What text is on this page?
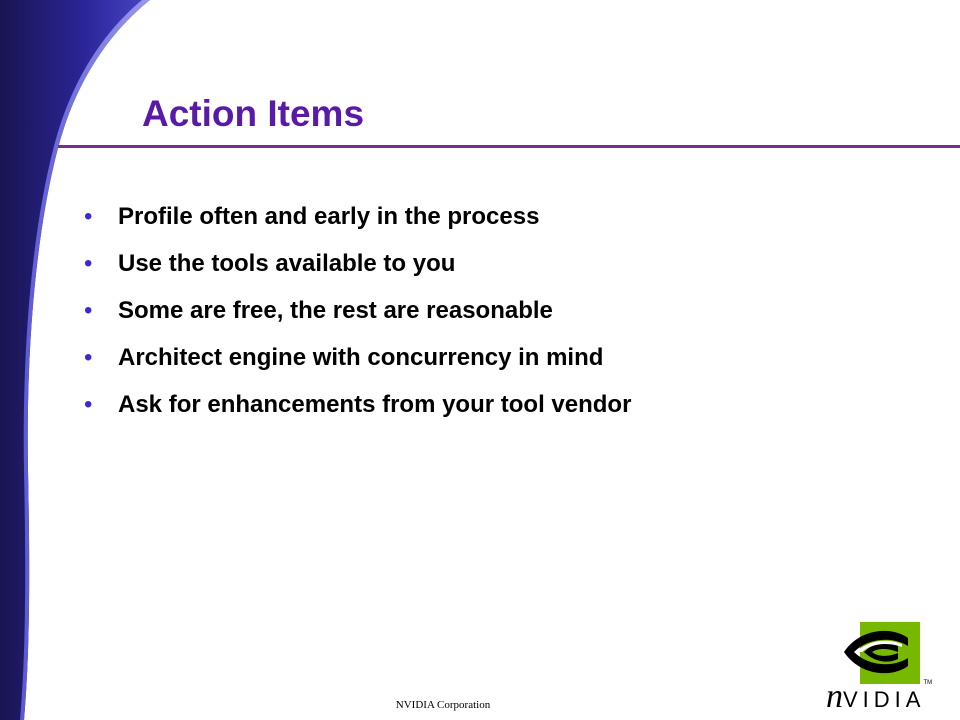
Action Items
• Profile often and early in the process
• Use the tools available to you
• Some are free, the rest are reasonable
• Architect engine with concurrency in mind
• Ask for enhancements from your tool vendor
nVIDIA™
NVIDIA Corporation
